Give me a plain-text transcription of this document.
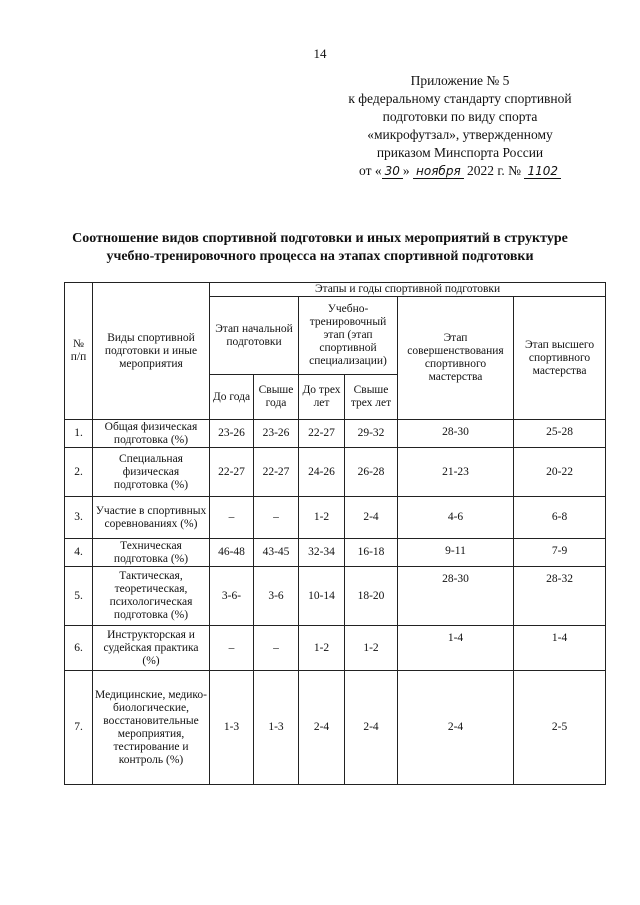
14
Приложение № 5
к федеральному стандарту спортивной
подготовки по виду спорта
«микрофутзал», утвержденному
приказом Минспорта России
от « 30 » ноября 2022 г. № 1102
Соотношение видов спортивной подготовки и иных мероприятий в структуре
учебно-тренировочного процесса на этапах спортивной подготовки
№ п/п	Виды спортивной подготовки и иные мероприятия	Этапы и годы спортивной подготовки					
		Этап начальной подготовки		Учебно-тренировочный этап (этап спортивной специализации)		Этап совершенствования спортивного мастерства	Этап высшего спортивного мастерства
		До года	Свыше года	До трех лет	Свыше трех лет		
1.	Общая физическая подготовка (%)	23-26	23-26	22-27	29-32	28-30	25-28
2.	Специальная физическая подготовка (%)	22-27	22-27	24-26	26-28	21-23	20-22
3.	Участие в спортивных соревнованиях (%)	–	–	1-2	2-4	4-6	6-8
4.	Техническая подготовка (%)	46-48	43-45	32-34	16-18	9-11	7-9
5.	Тактическая, теоретическая, психологическая подготовка (%)	3-6-	3-6	10-14	18-20	28-30	28-32
6.	Инструкторская и судейская практика (%)	–	–	1-2	1-2	1-4	1-4
7.	Медицинские, медико-биологические, восстановительные мероприятия, тестирование и контроль (%)	1-3	1-3	2-4	2-4	2-4	2-5
